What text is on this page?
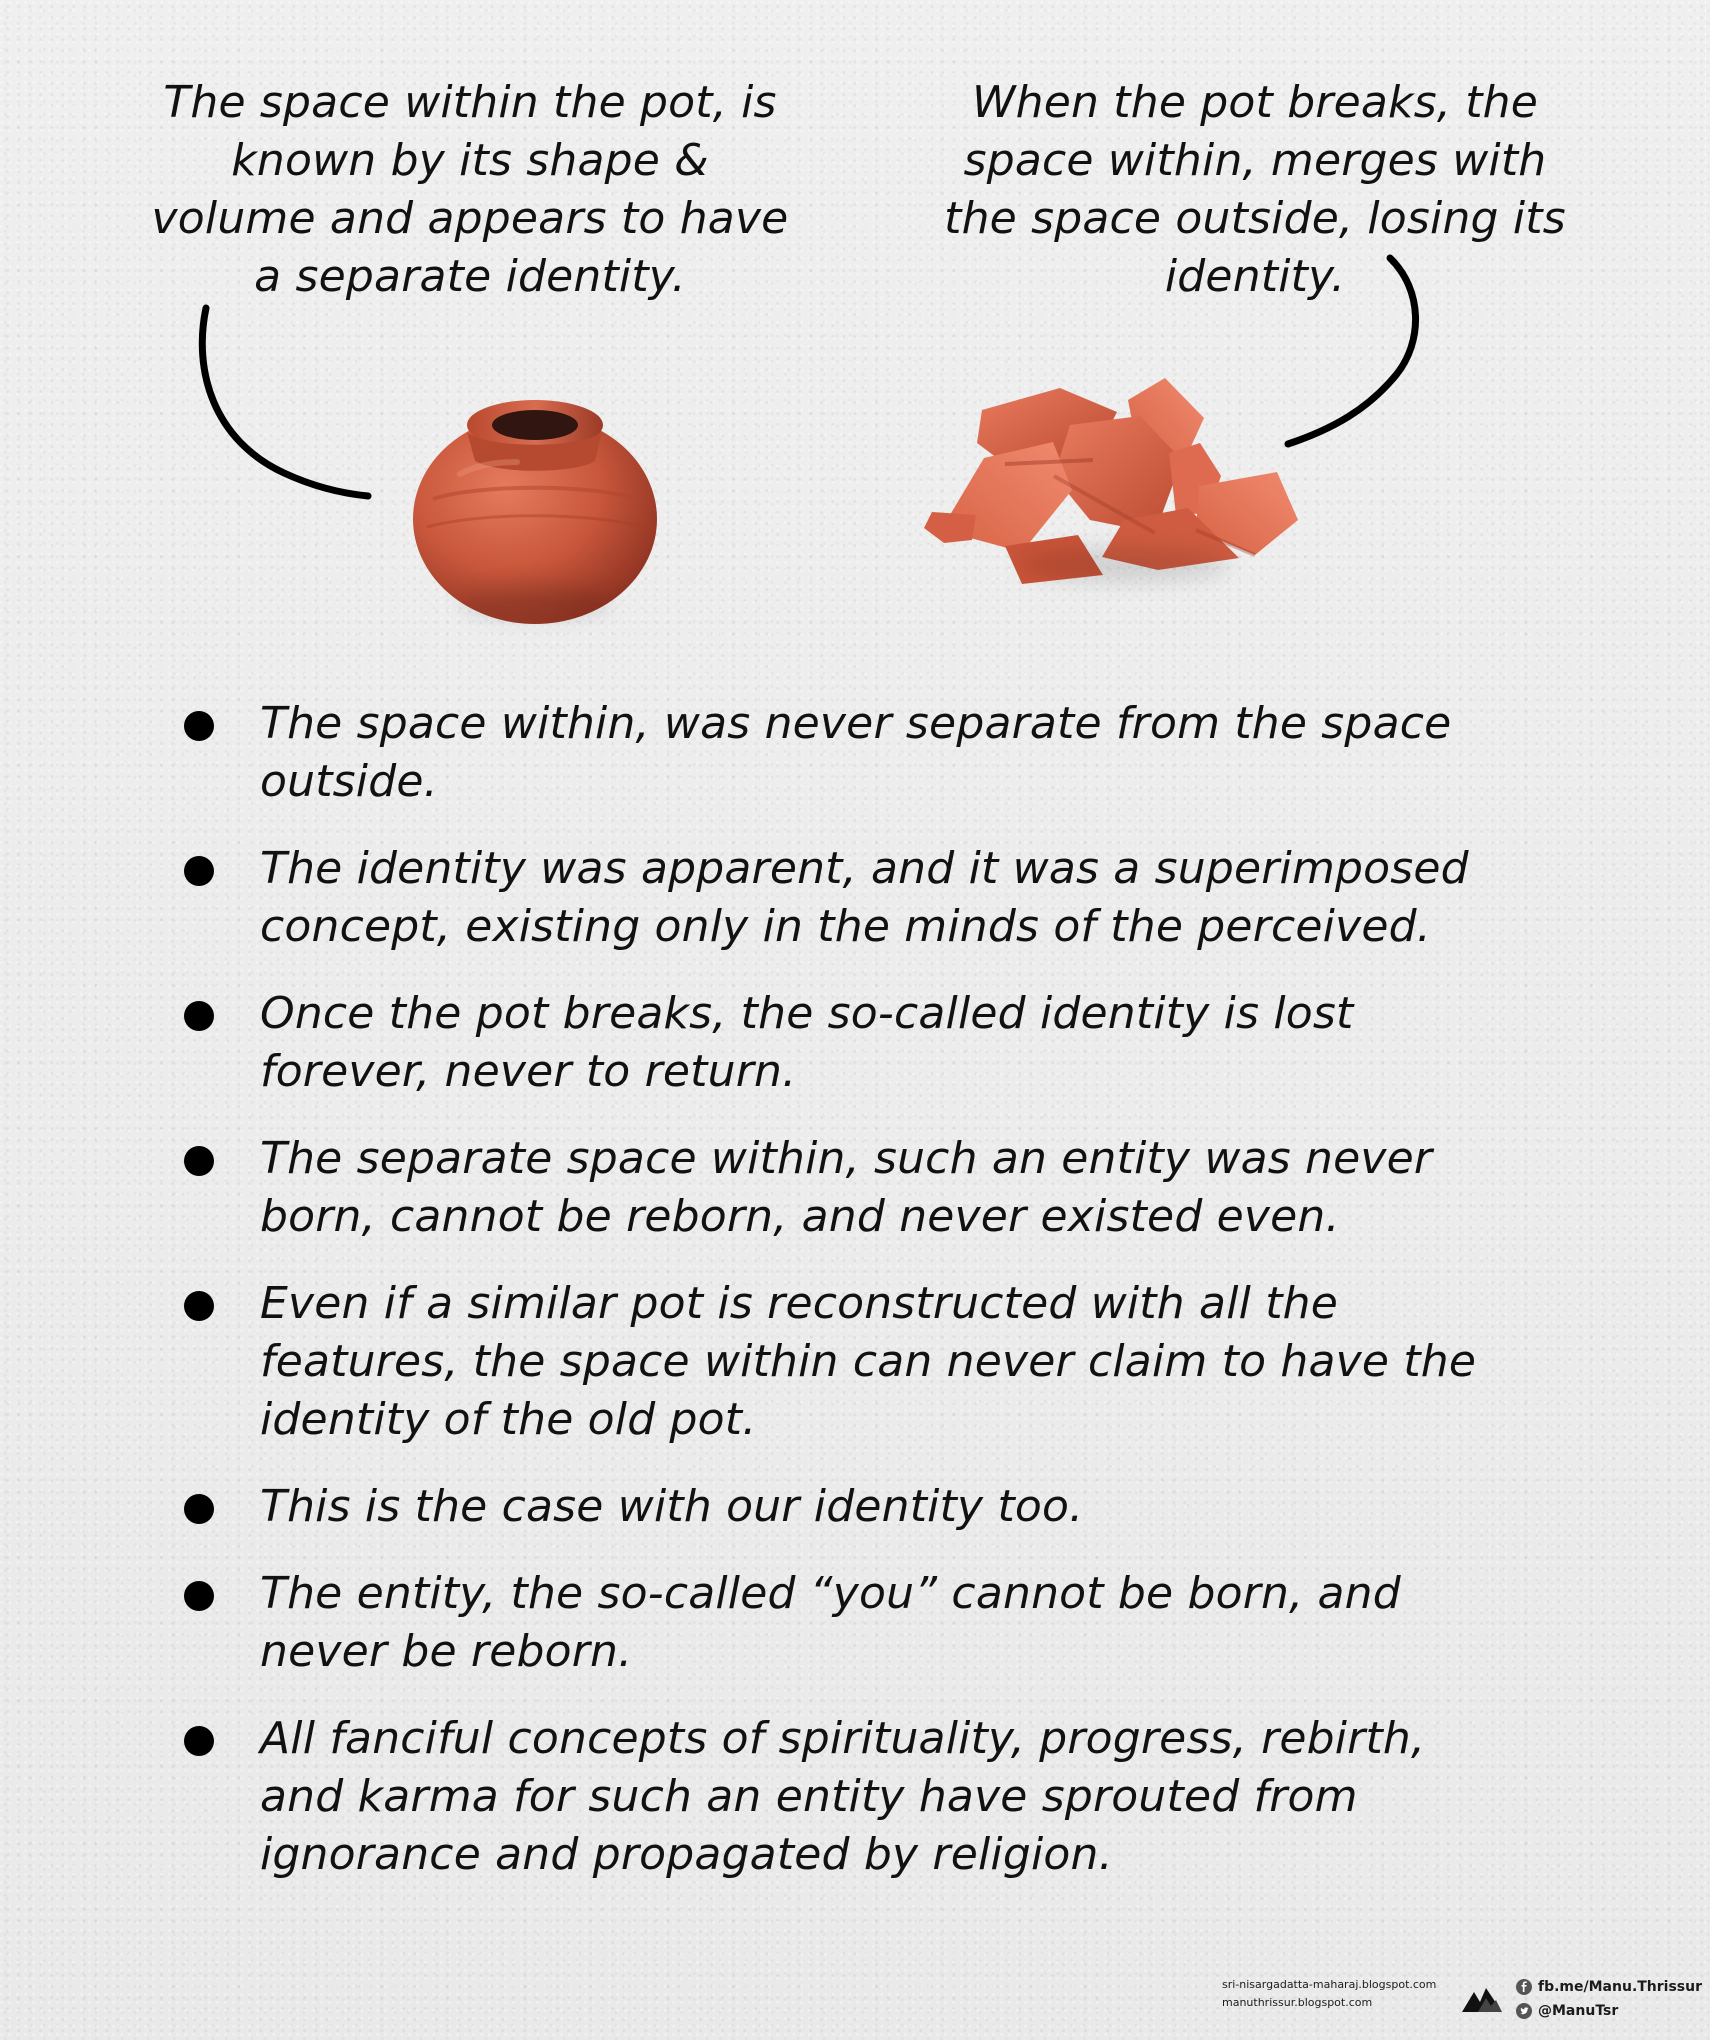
The space within the pot, is known by its shape & volume and appears to have a separate identity.
When the pot breaks, the space within, merges with the space outside, losing its identity.
The space within, was never separate from the space outside.
The identity was apparent, and it was a superimposed concept, existing only in the minds of the perceived.
Once the pot breaks, the so-called identity is lost forever, never to return.
The separate space within, such an entity was never born, cannot be reborn, and never existed even.
Even if a similar pot is reconstructed with all the features, the space within can never claim to have the identity of the old pot.
This is the case with our identity too.
The entity, the so-called “you” cannot be born, and never be reborn.
All fanciful concepts of spirituality, progress, rebirth, and karma for such an entity have sprouted from ignorance and propagated by religion.
sri-nisargadatta-maharaj.blogspot.com
manuthrissur.blogspot.com
fb.me/Manu.Thrissur
@ManuTsr
